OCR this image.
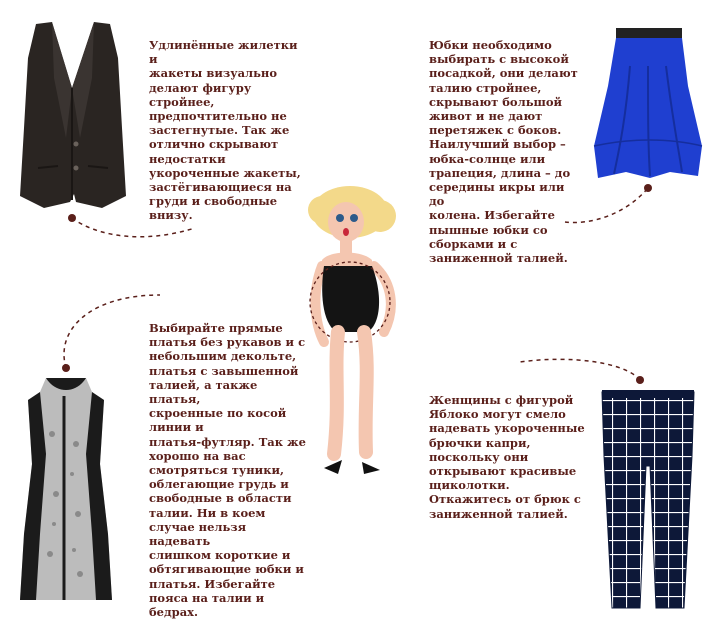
Удлинённые жилетки и
жакеты визуально
делают фигуру
стройнее,
предпочтительно не
застегнутые. Так же
отлично скрывают
недостатки
укороченные жакеты,
застёгивающиеся на
груди и свободные
внизу.
Юбки необходимо
выбирать с высокой
посадкой, они делают
талию стройнее,
скрывают большой
живот и не дают
перетяжек с боков.
Наилучший выбор –
юбка-солнце или
трапеция, длина – до
середины икры или до
колена. Избегайте
пышные юбки со
сборками и с
заниженной талией.
Выбирайте прямые
платья без рукавов и с
небольшим декольте,
платья с завышенной
талией, а также платья,
скроенные по косой
линии и
платья-футляр. Так же
хорошо на вас
смотряться туники,
облегающие грудь и
свободные в области
талии. Ни в коем
случае нельзя надевать
слишком короткие и
обтягивающие юбки и
платья. Избегайте
пояса на талии и
бедрах.
Женщины с фигурой
Яблоко могут смело
надевать укороченные
брючки капри,
поскольку они
открывают красивые
щиколотки.
Откажитесь от брюк с
заниженной талией.
